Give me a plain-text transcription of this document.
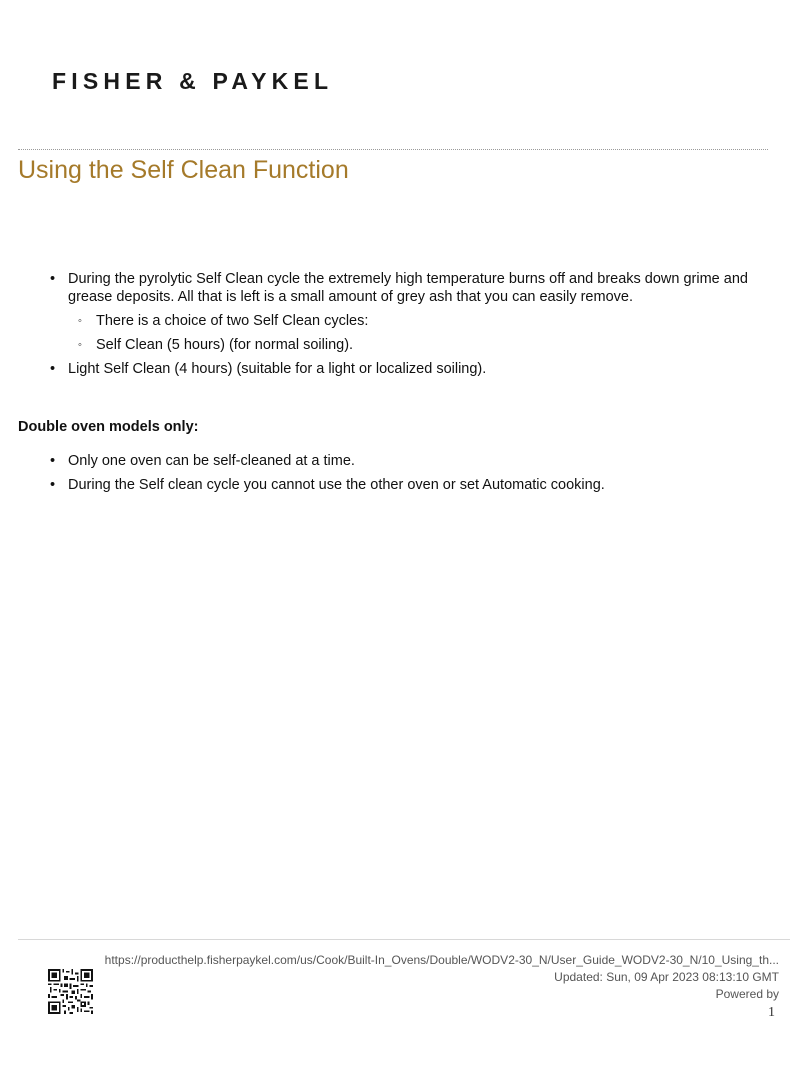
FISHER & PAYKEL
Using the Self Clean Function
• During the pyrolytic Self Clean cycle the extremely high temperature burns off and breaks down grime and grease deposits. All that is left is a small amount of grey ash that you can easily remove.
◦ There is a choice of two Self Clean cycles:
◦ Self Clean (5 hours) (for normal soiling).
• Light Self Clean (4 hours) (suitable for a light or localized soiling).
Double oven models only:
• Only one oven can be self-cleaned at a time.
• During the Self clean cycle you cannot use the other oven or set Automatic cooking.
https://producthelp.fisherpaykel.com/us/Cook/Built-In_Ovens/Double/WODV2-30_N/User_Guide_WODV2-30_N/10_Using_th...
Updated: Sun, 09 Apr 2023 08:13:10 GMT
Powered by
1
